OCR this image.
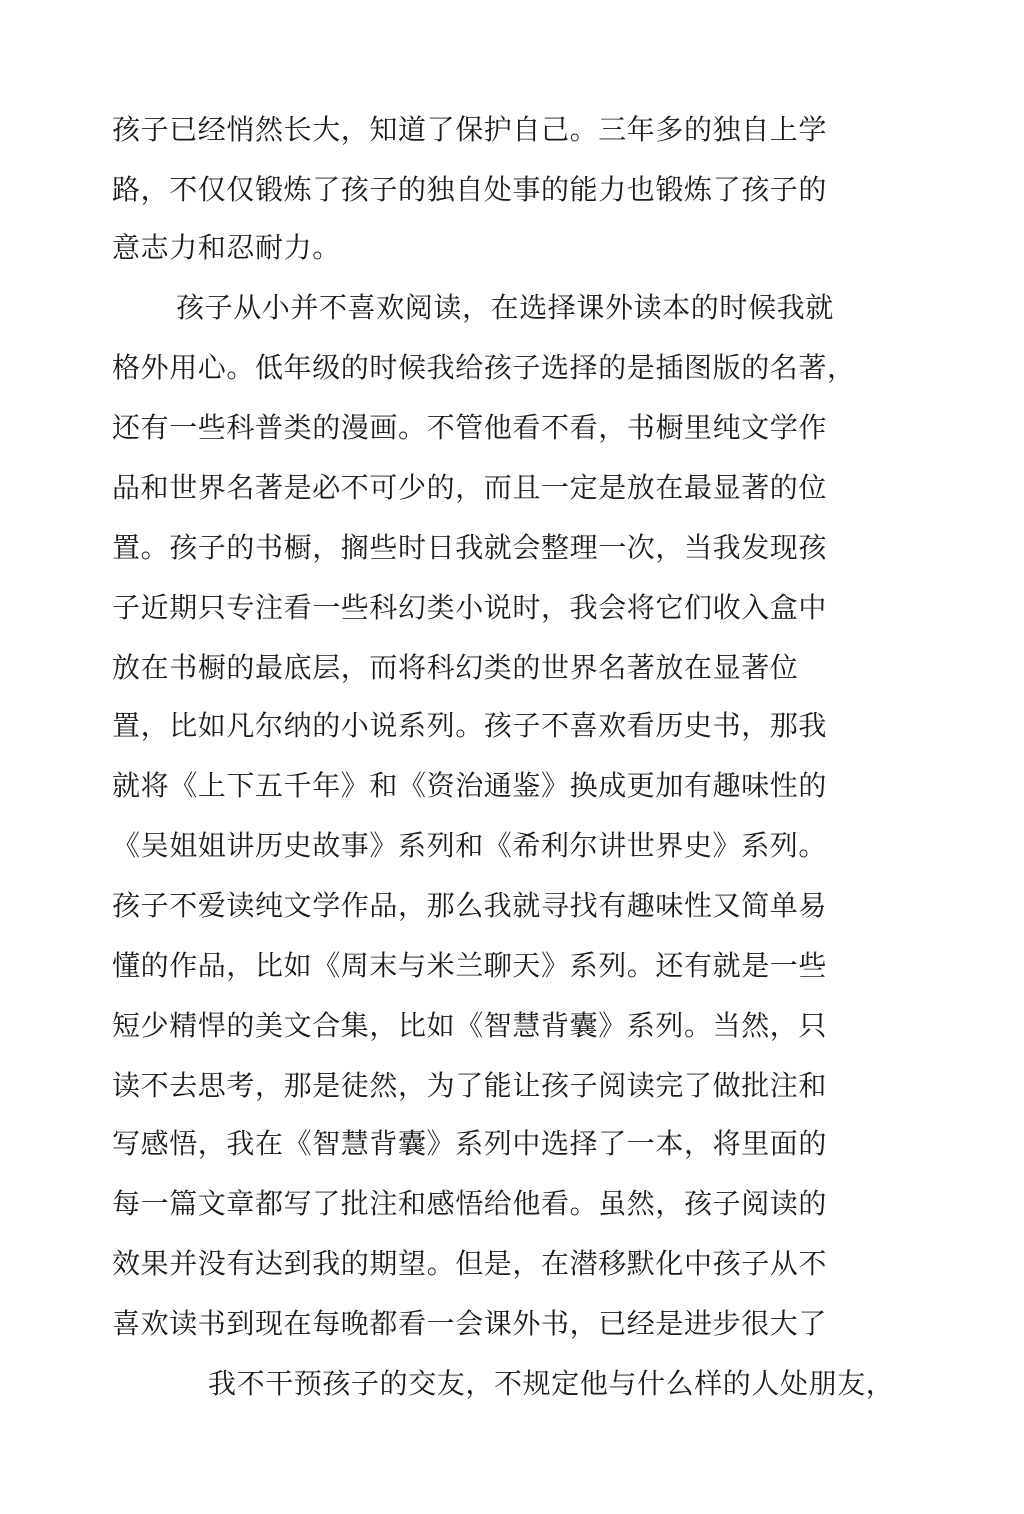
孩子已经悄然长大，知道了保护自己。三年多的独自上学

路，不仅仅锻炼了孩子的独自处事的能力也锻炼了孩子的

意志力和忍耐力。

孩子从小并不喜欢阅读，在选择课外读本的时候我就

格外用心。低年级的时候我给孩子选择的是插图版的名著，

还有一些科普类的漫画。不管他看不看，书橱里纯文学作

品和世界名著是必不可少的，而且一定是放在最显著的位

置。孩子的书橱，搁些时日我就会整理一次，当我发现孩

子近期只专注看一些科幻类小说时，我会将它们收入盒中

放在书橱的最底层，而将科幻类的世界名著放在显著位

置，比如凡尔纳的小说系列。孩子不喜欢看历史书，那我

就将《上下五千年》和《资治通鉴》换成更加有趣味性的

《吴姐姐讲历史故事》系列和《希利尔讲世界史》系列。

孩子不爱读纯文学作品，那么我就寻找有趣味性又简单易

懂的作品，比如《周末与米兰聊天》系列。还有就是一些

短少精悍的美文合集，比如《智慧背囊》系列。当然，只

读不去思考，那是徒然，为了能让孩子阅读完了做批注和

写感悟，我在《智慧背囊》系列中选择了一本，将里面的

每一篇文章都写了批注和感悟给他看。虽然，孩子阅读的

效果并没有达到我的期望。但是，在潜移默化中孩子从不

喜欢读书到现在每晚都看一会课外书，已经是进步很大了

我不干预孩子的交友，不规定他与什么样的人处朋友，
